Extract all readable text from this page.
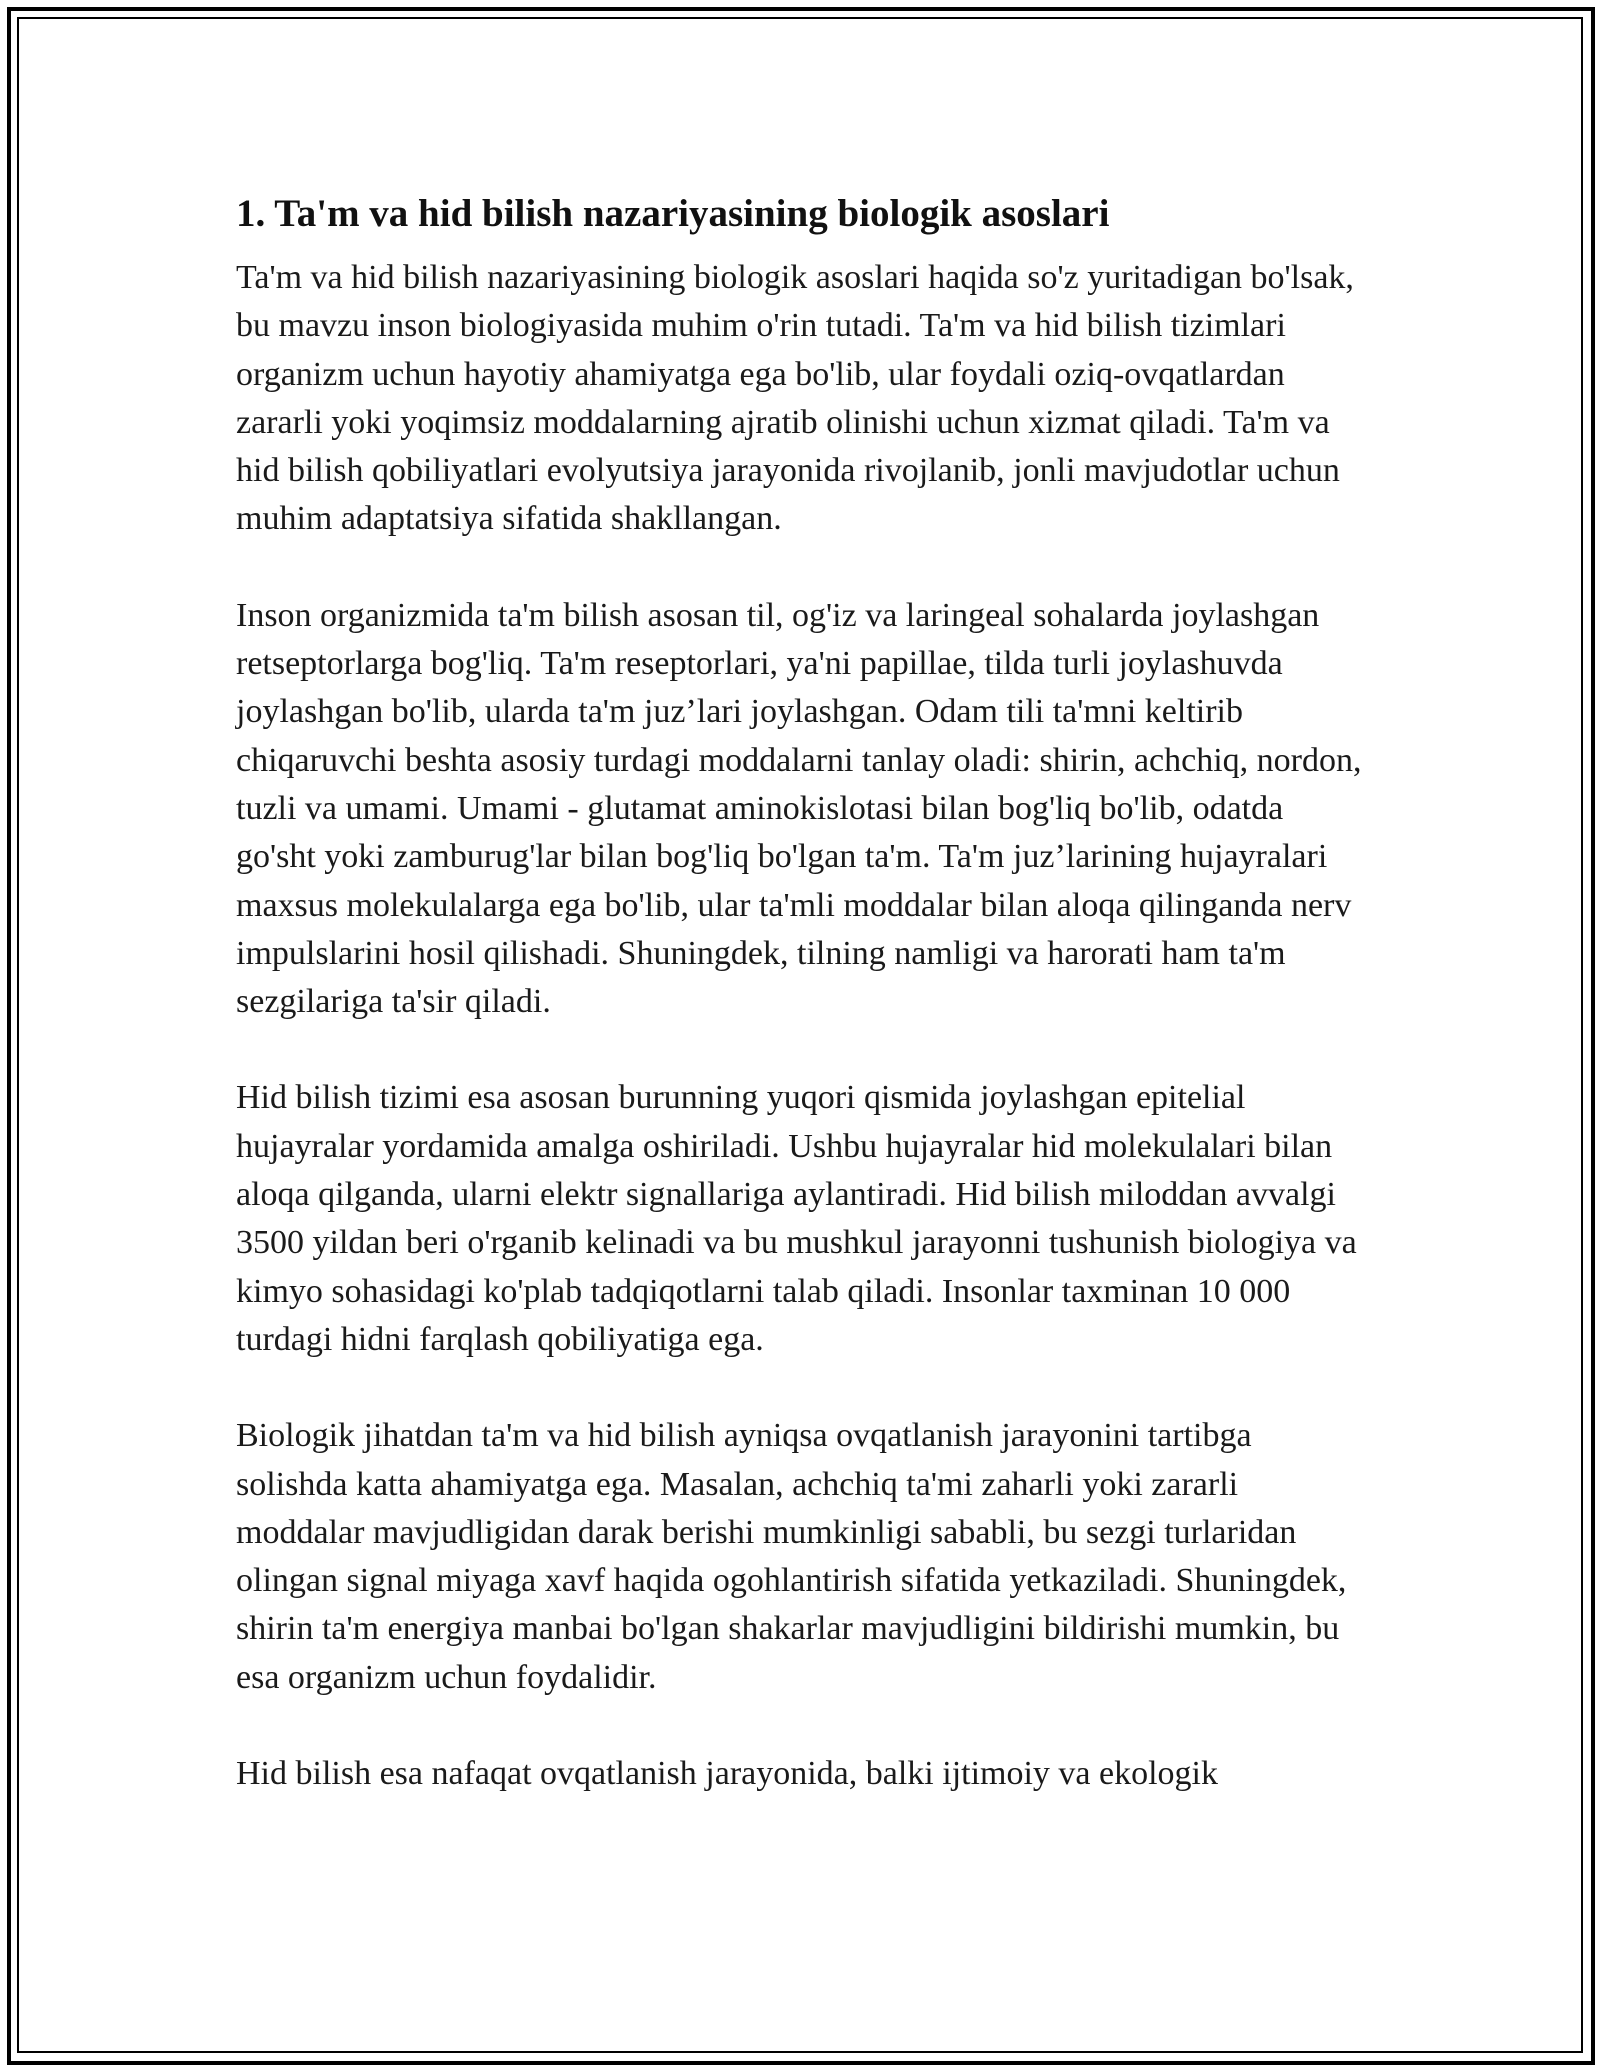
1. Ta'm va hid bilish nazariyasining biologik asoslari

Ta'm va hid bilish nazariyasining biologik asoslari haqida so'z yuritadigan bo'lsak, bu mavzu inson biologiyasida muhim o'rin tutadi. Ta'm va hid bilish tizimlari organizm uchun hayotiy ahamiyatga ega bo'lib, ular foydali oziq-ovqatlardan zararli yoki yoqimsiz moddalarning ajratib olinishi uchun xizmat qiladi. Ta'm va hid bilish qobiliyatlari evolyutsiya jarayonida rivojlanib, jonli mavjudotlar uchun muhim adaptatsiya sifatida shakllangan.

Inson organizmida ta'm bilish asosan til, og'iz va laringeal sohalarda joylashgan retseptorlarga bog'liq. Ta'm reseptorlari, ya'ni papillae, tilda turli joylashuvda joylashgan bo'lib, ularda ta'm juz’lari joylashgan. Odam tili ta'mni keltirib chiqaruvchi beshta asosiy turdagi moddalarni tanlay oladi: shirin, achchiq, nordon, tuzli va umami. Umami - glutamat aminokislotasi bilan bog'liq bo'lib, odatda go'sht yoki zamburug'lar bilan bog'liq bo'lgan ta'm. Ta'm juz’larining hujayralari maxsus molekulalarga ega bo'lib, ular ta'mli moddalar bilan aloqa qilinganda nerv impulslarini hosil qilishadi. Shuningdek, tilning namligi va harorati ham ta'm sezgilariga ta'sir qiladi.

Hid bilish tizimi esa asosan burunning yuqori qismida joylashgan epitelial hujayralar yordamida amalga oshiriladi. Ushbu hujayralar hid molekulalari bilan aloqa qilganda, ularni elektr signallariga aylantiradi. Hid bilish miloddan avvalgi 3500 yildan beri o'rganib kelinadi va bu mushkul jarayonni tushunish biologiya va kimyo sohasidagi ko'plab tadqiqotlarni talab qiladi. Insonlar taxminan 10 000 turdagi hidni farqlash qobiliyatiga ega.

Biologik jihatdan ta'm va hid bilish ayniqsa ovqatlanish jarayonini tartibga solishda katta ahamiyatga ega. Masalan, achchiq ta'mi zaharli yoki zararli moddalar mavjudligidan darak berishi mumkinligi sababli, bu sezgi turlaridan olingan signal miyaga xavf haqida ogohlantirish sifatida yetkaziladi. Shuningdek, shirin ta'm energiya manbai bo'lgan shakarlar mavjudligini bildirishi mumkin, bu esa organizm uchun foydalidir.

Hid bilish esa nafaqat ovqatlanish jarayonida, balki ijtimoiy va ekologik
